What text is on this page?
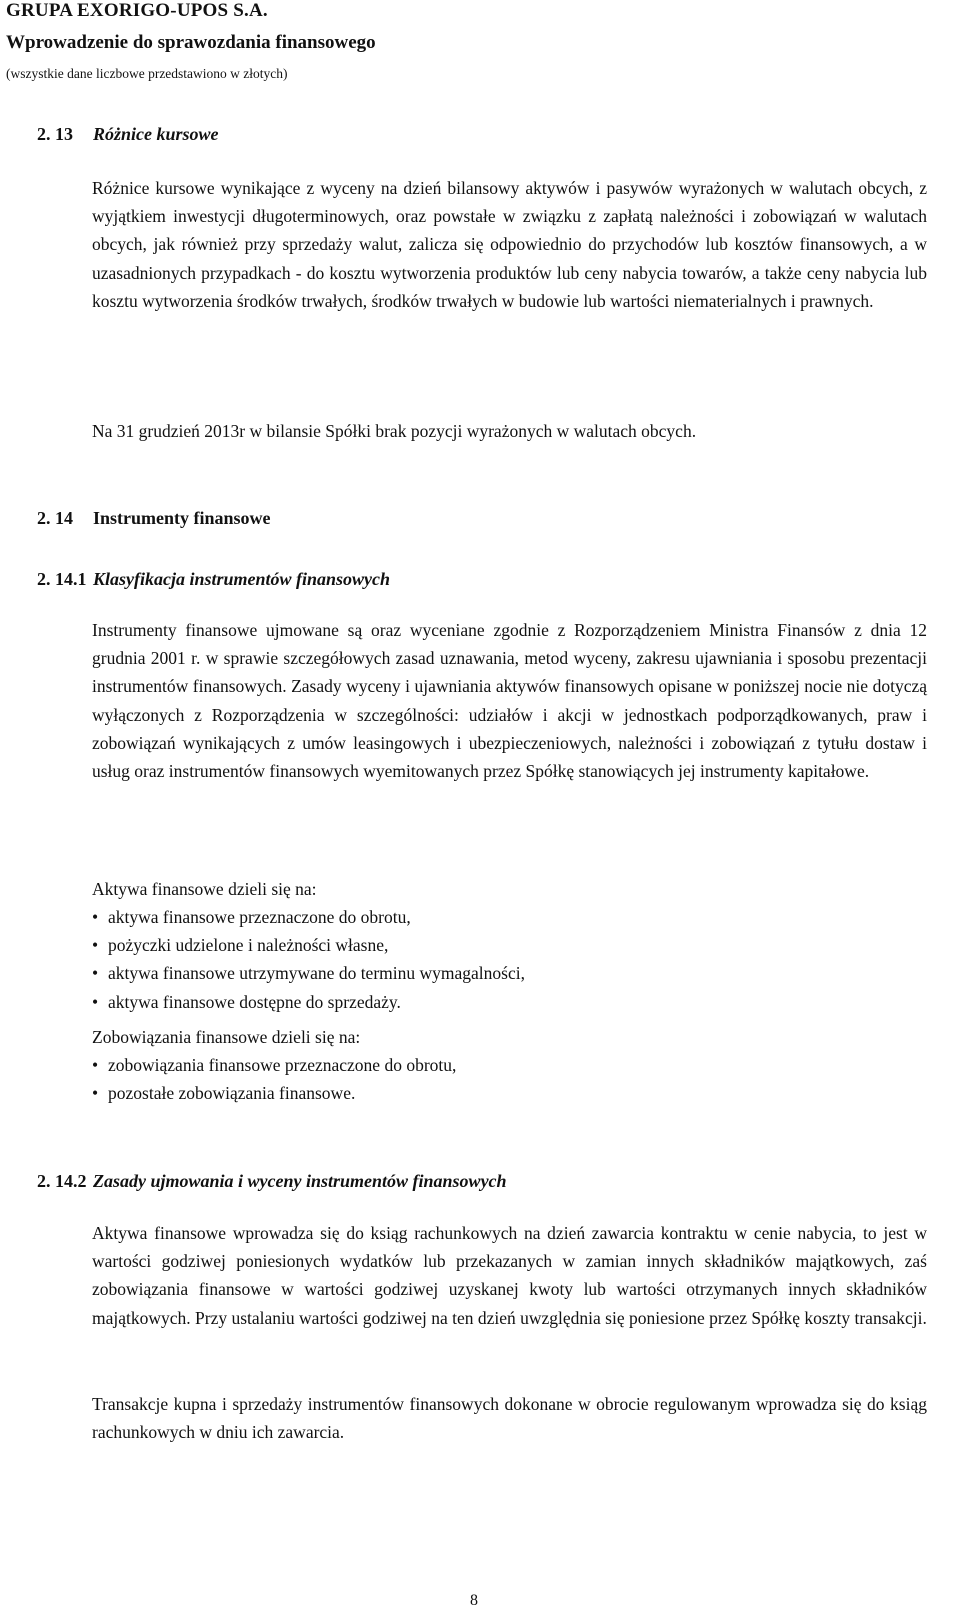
GRUPA EXORIGO-UPOS S.A.
Wprowadzenie do sprawozdania finansowego
(wszystkie dane liczbowe przedstawiono w złotych)
2. 13 Różnice kursowe

Różnice kursowe wynikające z wyceny na dzień bilansowy aktywów i pasywów wyrażonych w walutach obcych, z wyjątkiem inwestycji długoterminowych, oraz powstałe w związku z zapłatą należności i zobowiązań w walutach obcych, jak również przy sprzedaży walut, zalicza się odpowiednio do przychodów lub kosztów finansowych, a w uzasadnionych przypadkach - do kosztu wytworzenia produktów lub ceny nabycia towarów, a także ceny nabycia lub kosztu wytworzenia środków trwałych, środków trwałych w budowie lub wartości niematerialnych i prawnych.

Na 31 grudzień 2013r w bilansie Spółki brak pozycji wyrażonych w walutach obcych.
2. 14 Instrumenty finansowe
2. 14.1 Klasyfikacja instrumentów finansowych

Instrumenty finansowe ujmowane są oraz wyceniane zgodnie z Rozporządzeniem Ministra Finansów z dnia 12 grudnia 2001 r. w sprawie szczegółowych zasad uznawania, metod wyceny, zakresu ujawniania i sposobu prezentacji instrumentów finansowych. Zasady wyceny i ujawniania aktywów finansowych opisane w poniższej nocie nie dotyczą wyłączonych z Rozporządzenia w szczególności: udziałów i akcji w jednostkach podporządkowanych, praw i zobowiązań wynikających z umów leasingowych i ubezpieczeniowych, należności i zobowiązań z tytułu dostaw i usług oraz instrumentów finansowych wyemitowanych przez Spółkę stanowiących jej instrumenty kapitałowe.

Aktywa finansowe dzieli się na:
• aktywa finansowe przeznaczone do obrotu,
• pożyczki udzielone i należności własne,
• aktywa finansowe utrzymywane do terminu wymagalności,
• aktywa finansowe dostępne do sprzedaży.
Zobowiązania finansowe dzieli się na:
• zobowiązania finansowe przeznaczone do obrotu,
• pozostałe zobowiązania finansowe.
2. 14.2 Zasady ujmowania i wyceny instrumentów finansowych

Aktywa finansowe wprowadza się do ksiąg rachunkowych na dzień zawarcia kontraktu w cenie nabycia, to jest w wartości godziwej poniesionych wydatków lub przekazanych w zamian innych składników majątkowych, zaś zobowiązania finansowe w wartości godziwej uzyskanej kwoty lub wartości otrzymanych innych składników majątkowych. Przy ustalaniu wartości godziwej na ten dzień uwzględnia się poniesione przez Spółkę koszty transakcji.

Transakcje kupna i sprzedaży instrumentów finansowych dokonane w obrocie regulowanym wprowadza się do ksiąg rachunkowych w dniu ich zawarcia.

8
